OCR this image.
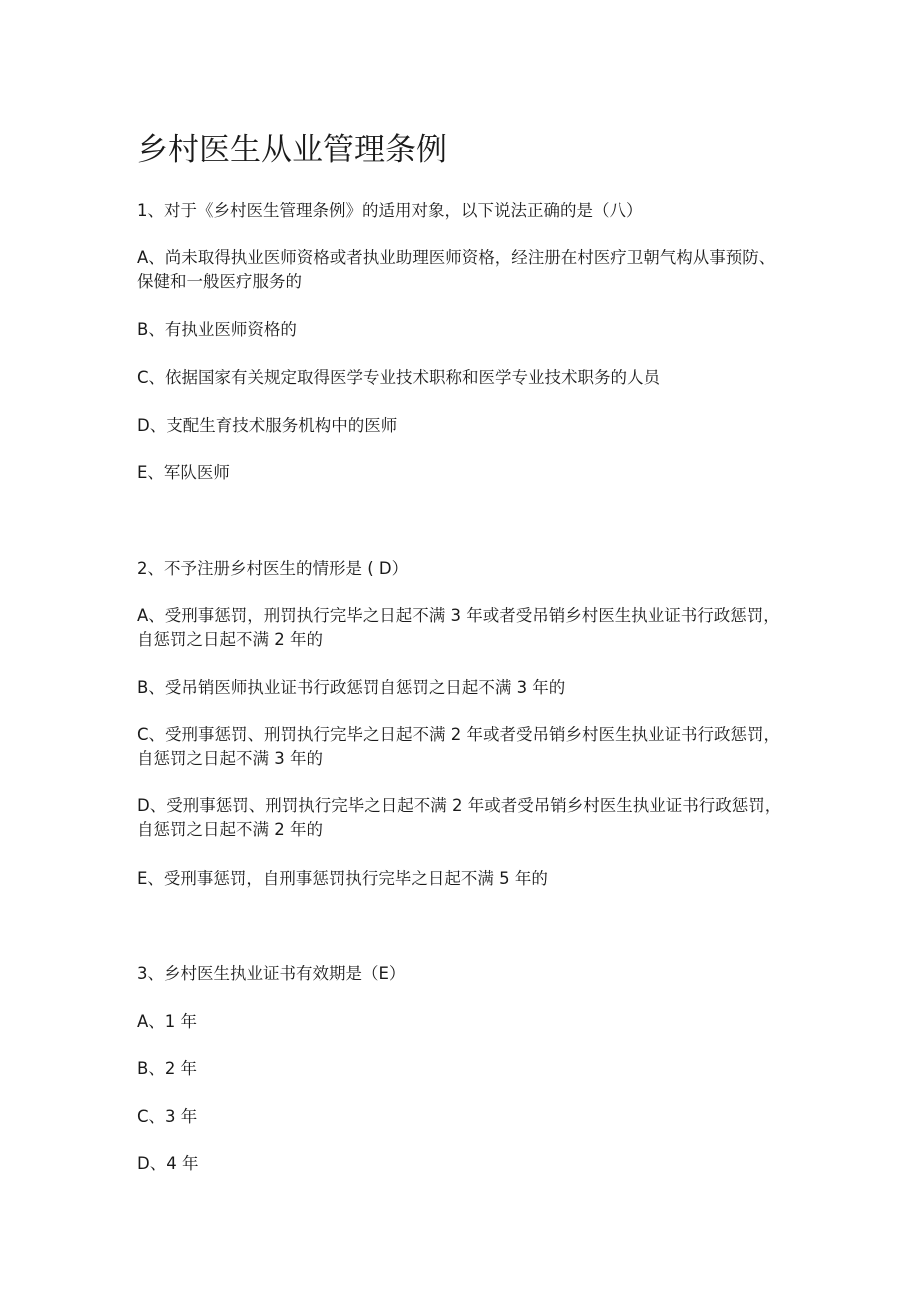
乡村医生从业管理条例

1、对于《乡村医生管理条例》的适用对象，以下说法正确的是（八）

A、尚未取得执业医师资格或者执业助理医师资格，经注册在村医疗卫朝气构从事预防、保健和一般医疗服务的

B、有执业医师资格的

C、依据国家有关规定取得医学专业技术职称和医学专业技术职务的人员

D、支配生育技术服务机构中的医师

E、军队医师

2、不予注册乡村医生的情形是 ( D）

A、受刑事惩罚，刑罚执行完毕之日起不满 3 年或者受吊销乡村医生执业证书行政惩罚，自惩罚之日起不满 2 年的

B、受吊销医师执业证书行政惩罚自惩罚之日起不满 3 年的

C、受刑事惩罚、刑罚执行完毕之日起不满 2 年或者受吊销乡村医生执业证书行政惩罚，自惩罚之日起不满 3 年的

D、受刑事惩罚、刑罚执行完毕之日起不满 2 年或者受吊销乡村医生执业证书行政惩罚，自惩罚之日起不满 2 年的

E、受刑事惩罚，自刑事惩罚执行完毕之日起不满 5 年的

3、乡村医生执业证书有效期是（E）

A、1 年

B、2 年

C、3 年

D、4 年
